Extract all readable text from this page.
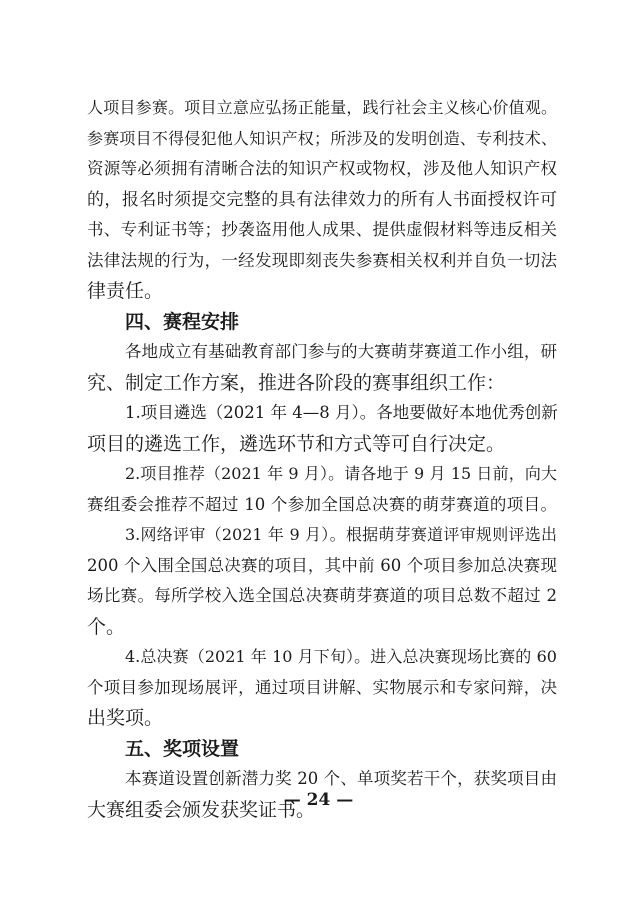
人项目参赛。项目立意应弘扬正能量，践行社会主义核心价值观。
参赛项目不得侵犯他人知识产权；所涉及的发明创造、专利技术、
资源等必须拥有清晰合法的知识产权或物权，涉及他人知识产权
的，报名时须提交完整的具有法律效力的所有人书面授权许可
书、专利证书等；抄袭盗用他人成果、提供虚假材料等违反相关
法律法规的行为，一经发现即刻丧失参赛相关权利并自负一切法
律责任。
四、赛程安排
各地成立有基础教育部门参与的大赛萌芽赛道工作小组，研
究、制定工作方案，推进各阶段的赛事组织工作：
1.项目遴选（2021 年 4—8 月）。各地要做好本地优秀创新
项目的遴选工作，遴选环节和方式等可自行决定。
2.项目推荐（2021 年 9 月）。请各地于 9 月 15 日前，向大
赛组委会推荐不超过 10 个参加全国总决赛的萌芽赛道的项目。
3.网络评审（2021 年 9 月）。根据萌芽赛道评审规则评选出
200 个入围全国总决赛的项目，其中前 60 个项目参加总决赛现
场比赛。每所学校入选全国总决赛萌芽赛道的项目总数不超过 2
个。
4.总决赛（2021 年 10 月下旬）。进入总决赛现场比赛的 60
个项目参加现场展评，通过项目讲解、实物展示和专家问辩，决
出奖项。
五、奖项设置
本赛道设置创新潜力奖 20 个、单项奖若干个，获奖项目由
大赛组委会颁发获奖证书。
— 24 —
